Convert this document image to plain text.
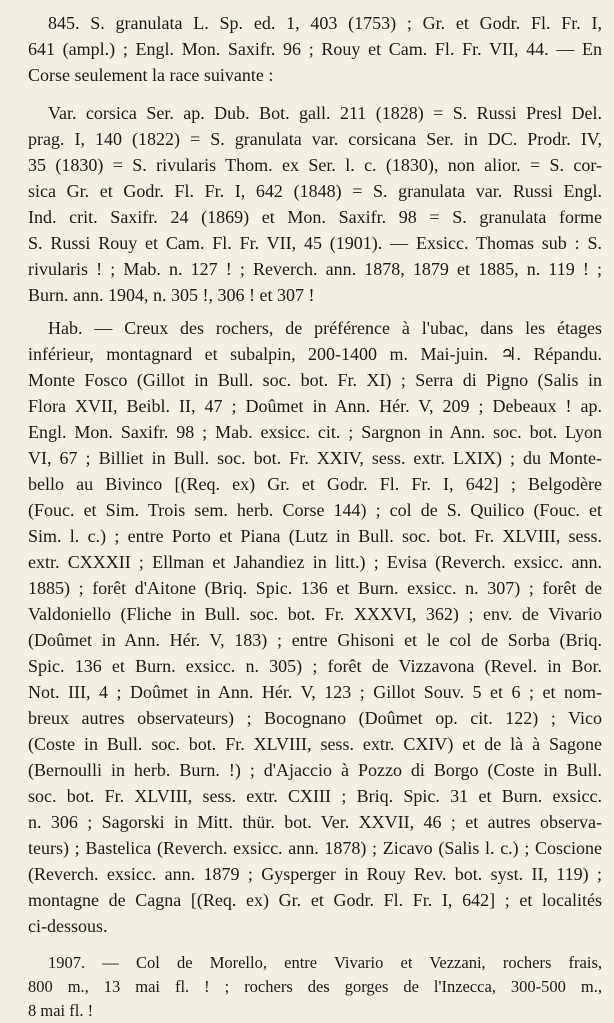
845. S. granulata L. Sp. ed. 1, 403 (1753) ; Gr. et Godr. Fl. Fr. I,
641 (ampl.) ; Engl. Mon. Saxifr. 96 ; Rouy et Cam. Fl. Fr. VII, 44. — En
Corse seulement la race suivante :
Var. corsica Ser. ap. Dub. Bot. gall. 211 (1828) = S. Russi Presl Del.
prag. I, 140 (1822) = S. granulata var. corsicana Ser. in DC. Prodr. IV,
35 (1830) = S. rivularis Thom. ex Ser. l. c. (1830), non alior. = S. cor-
sica Gr. et Godr. Fl. Fr. I, 642 (1848) = S. granulata var. Russi Engl.
Ind. crit. Saxifr. 24 (1869) et Mon. Saxifr. 98 = S. granulata forme
S. Russi Rouy et Cam. Fl. Fr. VII, 45 (1901). — Exsicc. Thomas sub : S.
rivularis ! ; Mab. n. 127 ! ; Reverch. ann. 1878, 1879 et 1885, n. 119 ! ;
Burn. ann. 1904, n. 305 !, 306 ! et 307 !
Hab. — Creux des rochers, de préférence à l'ubac, dans les étages
inférieur, montagnard et subalpin, 200-1400 m. Mai-juin. ♃. Répandu.
Monte Fosco (Gillot in Bull. soc. bot. Fr. XI) ; Serra di Pigno (Salis in
Flora XVII, Beibl. II, 47 ; Doûmet in Ann. Hér. V, 209 ; Debeaux ! ap.
Engl. Mon. Saxifr. 98 ; Mab. exsicc. cit. ; Sargnon in Ann. soc. bot. Lyon
VI, 67 ; Billiet in Bull. soc. bot. Fr. XXIV, sess. extr. LXIX) ; du Monte-
bello au Bivinco [(Req. ex) Gr. et Godr. Fl. Fr. I, 642] ; Belgodère
(Fouc. et Sim. Trois sem. herb. Corse 144) ; col de S. Quilico (Fouc. et
Sim. l. c.) ; entre Porto et Piana (Lutz in Bull. soc. bot. Fr. XLVIII, sess.
extr. CXXXII ; Ellman et Jahandiez in litt.) ; Evisa (Reverch. exsicc. ann.
1885) ; forêt d'Aitone (Briq. Spic. 136 et Burn. exsicc. n. 307) ; forêt de
Valdoniello (Fliche in Bull. soc. bot. Fr. XXXVI, 362) ; env. de Vivario
(Doûmet in Ann. Hér. V, 183) ; entre Ghisoni et le col de Sorba (Briq.
Spic. 136 et Burn. exsicc. n. 305) ; forêt de Vizzavona (Revel. in Bor.
Not. III, 4 ; Doûmet in Ann. Hér. V, 123 ; Gillot Souv. 5 et 6 ; et nom-
breux autres observateurs) ; Bocognano (Doûmet op. cit. 122) ; Vico
(Coste in Bull. soc. bot. Fr. XLVIII, sess. extr. CXIV) et de là à Sagone
(Bernoulli in herb. Burn. !) ; d'Ajaccio à Pozzo di Borgo (Coste in Bull.
soc. bot. Fr. XLVIII, sess. extr. CXIII ; Briq. Spic. 31 et Burn. exsicc.
n. 306 ; Sagorski in Mitt. thür. bot. Ver. XXVII, 46 ; et autres observa-
teurs) ; Bastelica (Reverch. exsicc. ann. 1878) ; Zicavo (Salis l. c.) ; Coscione
(Reverch. exsicc. ann. 1879 ; Gysperger in Rouy Rev. bot. syst. II, 119) ;
montagne de Cagna [(Req. ex) Gr. et Godr. Fl. Fr. I, 642] ; et localités
ci-dessous.
1907. — Col de Morello, entre Vivario et Vezzani, rochers frais,
800 m., 13 mai fl. ! ; rochers des gorges de l'Inzecca, 300-500 m.,
8 mai fl. !
